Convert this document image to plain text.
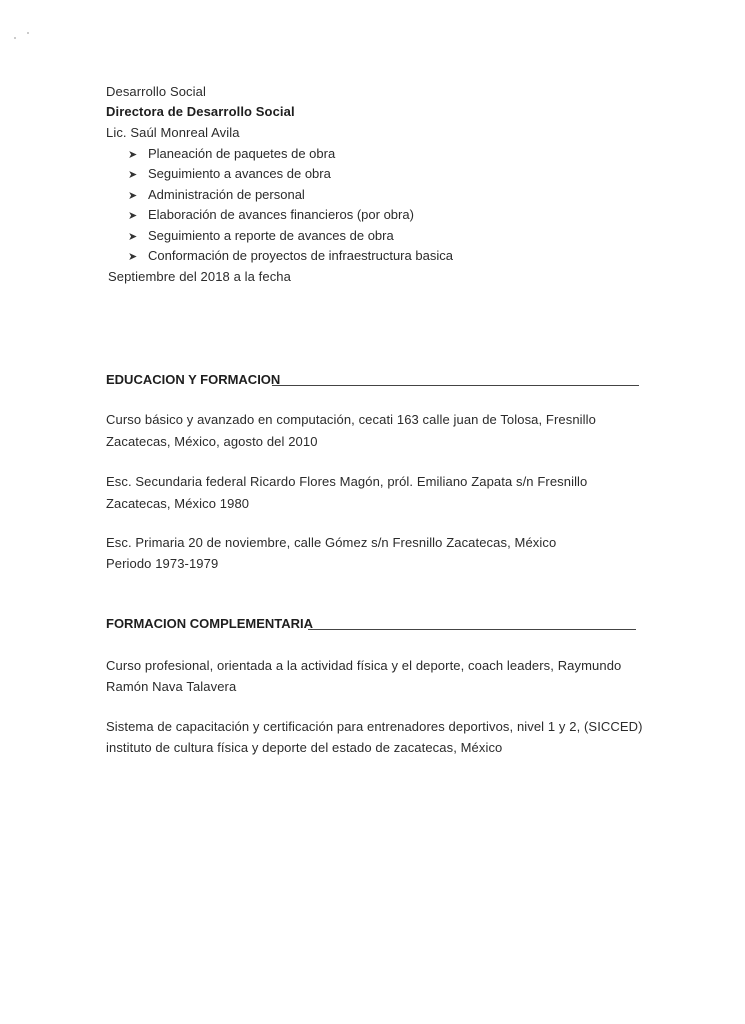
Desarrollo Social
Directora de Desarrollo Social
Lic. Saúl Monreal Avila
➤ Planeación de paquetes de obra
➤ Seguimiento a avances de obra
➤ Administración de personal
➤ Elaboración de avances financieros (por obra)
➤ Seguimiento a reporte de avances de obra
➤ Conformación de proyectos de infraestructura basica
Septiembre del 2018 a la fecha
EDUCACION Y FORMACION
Curso básico y avanzado en computación, cecati 163 calle juan de Tolosa, Fresnillo
Zacatecas, México, agosto del 2010
Esc. Secundaria federal Ricardo Flores Magón, pról. Emiliano Zapata s/n Fresnillo
Zacatecas, México 1980
Esc. Primaria 20 de noviembre, calle Gómez s/n Fresnillo Zacatecas, México
Periodo 1973-1979
FORMACION COMPLEMENTARIA
Curso profesional, orientada a la actividad física y el deporte, coach leaders, Raymundo
Ramón Nava Talavera
Sistema de capacitación y certificación para entrenadores deportivos, nivel 1 y 2, (SICCED)
instituto de cultura física y deporte del estado de zacatecas, México
